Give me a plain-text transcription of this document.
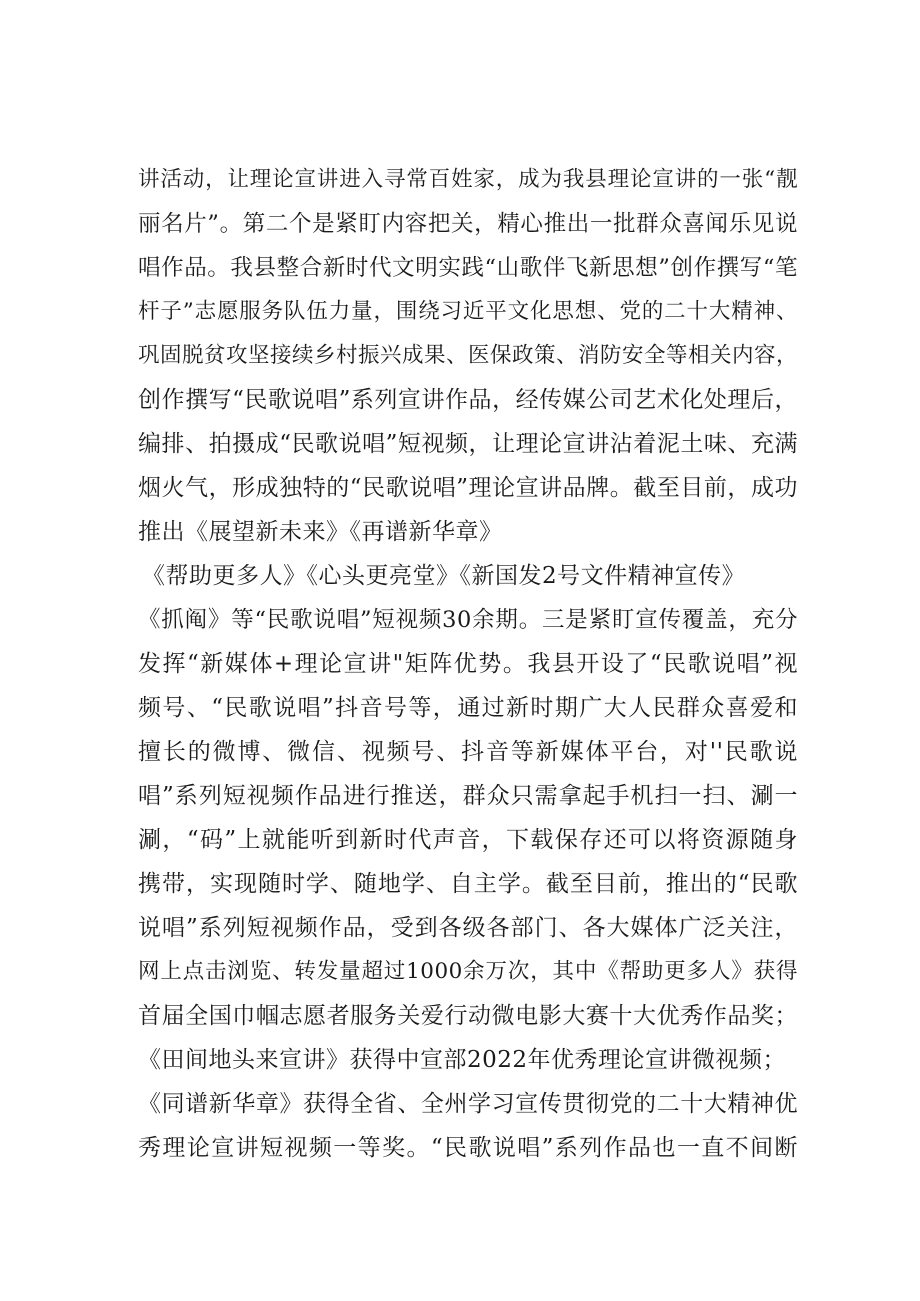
讲活动，让理论宣讲进入寻常百姓家，成为我县理论宣讲的一张“靓
丽名片”。第二个是紧盯内容把关，精心推出一批群众喜闻乐见说
唱作品。我县整合新时代文明实践“山歌伴飞新思想”创作撰写“笔
杆子”志愿服务队伍力量，围绕习近平文化思想、党的二十大精神、
巩固脱贫攻坚接续乡村振兴成果、医保政策、消防安全等相关内容，
创作撰写“民歌说唱”系列宣讲作品，经传媒公司艺术化处理后，
编排、拍摄成“民歌说唱”短视频，让理论宣讲沾着泥土味、充满
烟火气，形成独特的“民歌说唱”理论宣讲品牌。截至目前，成功
推出《展望新未来》《再谱新华章》
《帮助更多人》《心头更亮堂》《新国发2号文件精神宣传》
《抓阄》等“民歌说唱”短视频30余期。三是紧盯宣传覆盖，充分
发挥“新媒体+理论宣讲"矩阵优势。我县开设了“民歌说唱”视
频号、“民歌说唱”抖音号等，通过新时期广大人民群众喜爱和
擅长的微博、微信、视频号、抖音等新媒体平台，对''民歌说
唱”系列短视频作品进行推送，群众只需拿起手机扫一扫、涮一
涮，“码”上就能听到新时代声音，下载保存还可以将资源随身
携带，实现随时学、随地学、自主学。截至目前，推出的“民歌
说唱”系列短视频作品，受到各级各部门、各大媒体广泛关注，
网上点击浏览、转发量超过1000余万次，其中《帮助更多人》获得
首届全国巾帼志愿者服务关爱行动微电影大赛十大优秀作品奖；
《田间地头来宣讲》获得中宣部2022年优秀理论宣讲微视频；
《同谱新华章》获得全省、全州学习宣传贯彻党的二十大精神优
秀理论宣讲短视频一等奖。“民歌说唱”系列作品也一直不间断
